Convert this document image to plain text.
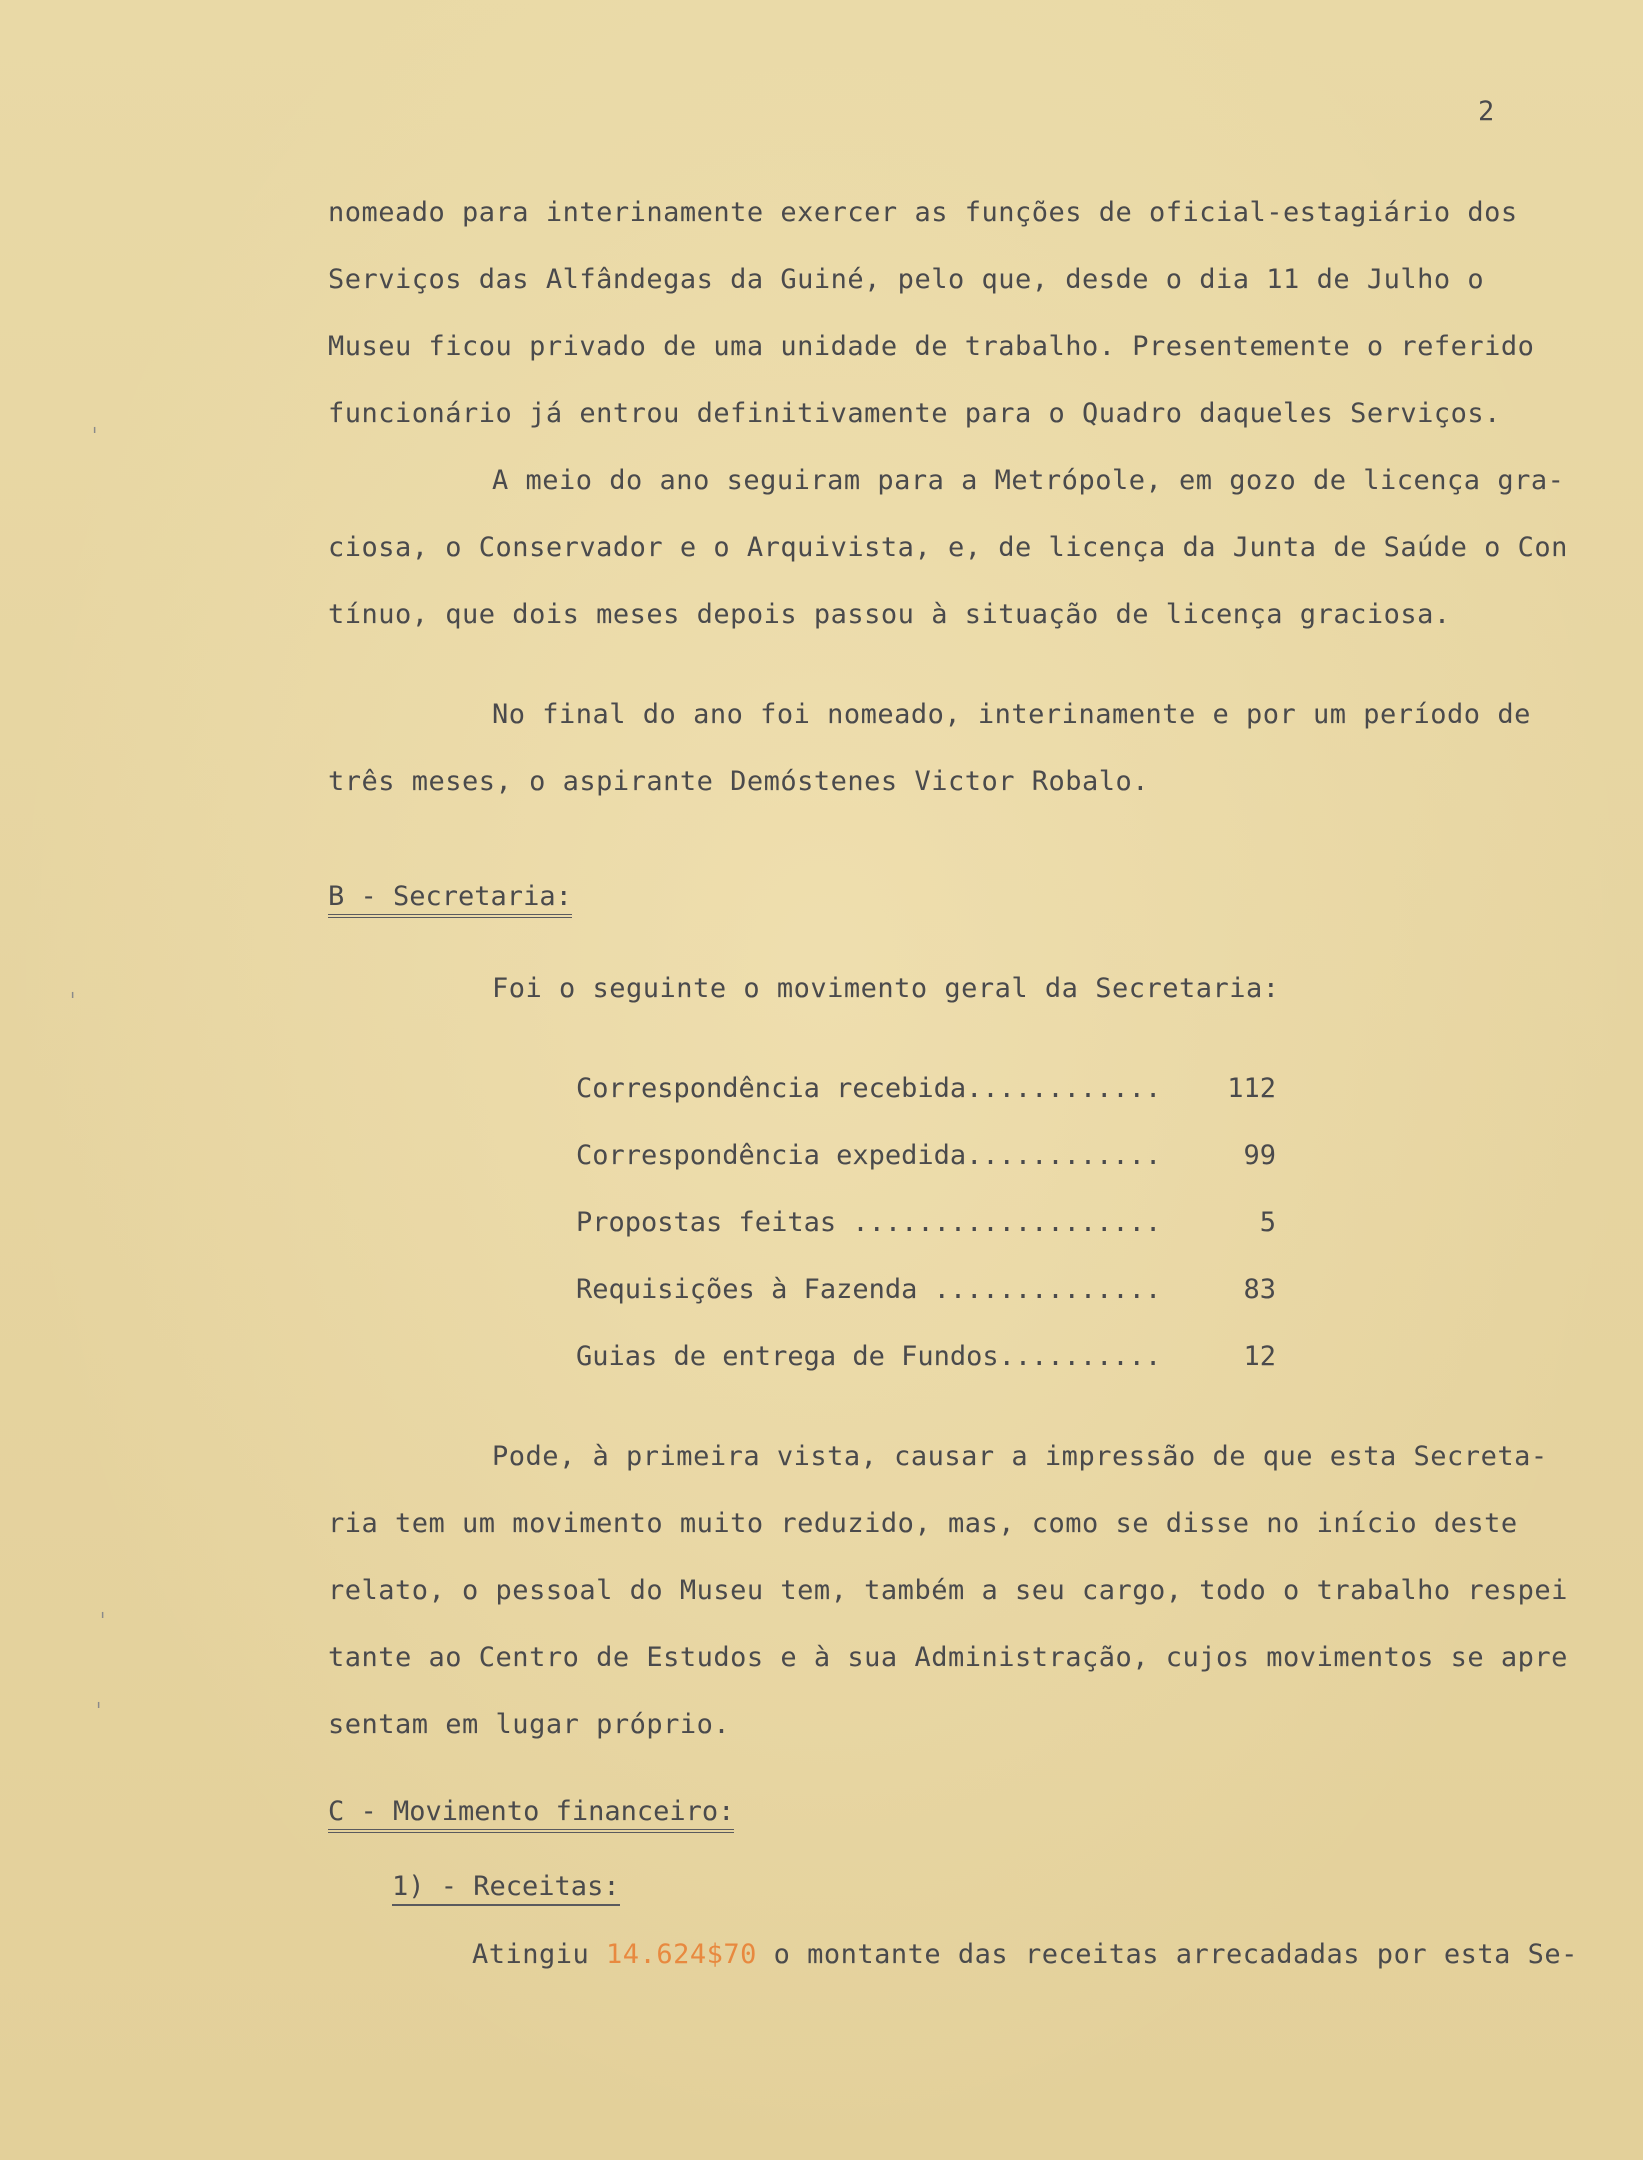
2
nomeado para interinamente exercer as funções de oficial-estagiário dos
Serviços das Alfândegas da Guiné, pelo que, desde o dia 11 de Julho o
Museu ficou privado de uma unidade de trabalho. Presentemente o referido
funcionário já entrou definitivamente para o Quadro daqueles Serviços.
A meio do ano seguiram para a Metrópole, em gozo de licença gra-
ciosa, o Conservador e o Arquivista, e, de licença da Junta de Saúde o Con
tínuo, que dois meses depois passou à situação de licença graciosa.
No final do ano foi nomeado, interinamente e por um período de
três meses, o aspirante Demóstenes Victor Robalo.
B - Secretaria:
Foi o seguinte o movimento geral da Secretaria:
Correspondência recebida............ 112
Correspondência expedida............	99
Propostas feitas ...................	5
Requisições à Fazenda ..............	83
Guias de entrega de Fundos..........	12
Pode, à primeira vista, causar a impressão de que esta Secreta-
ria tem um movimento muito reduzido, mas, como se disse no início deste
relato, o pessoal do Museu tem, também a seu cargo, todo o trabalho respei
tante ao Centro de Estudos e à sua Administração, cujos movimentos se apre
sentam em lugar próprio.
C - Movimento financeiro:
1) - Receitas:
Atingiu 14.624$70 o montante das receitas arrecadadas por esta Se-
ˈ
ˈ
ˈ
ˈ
